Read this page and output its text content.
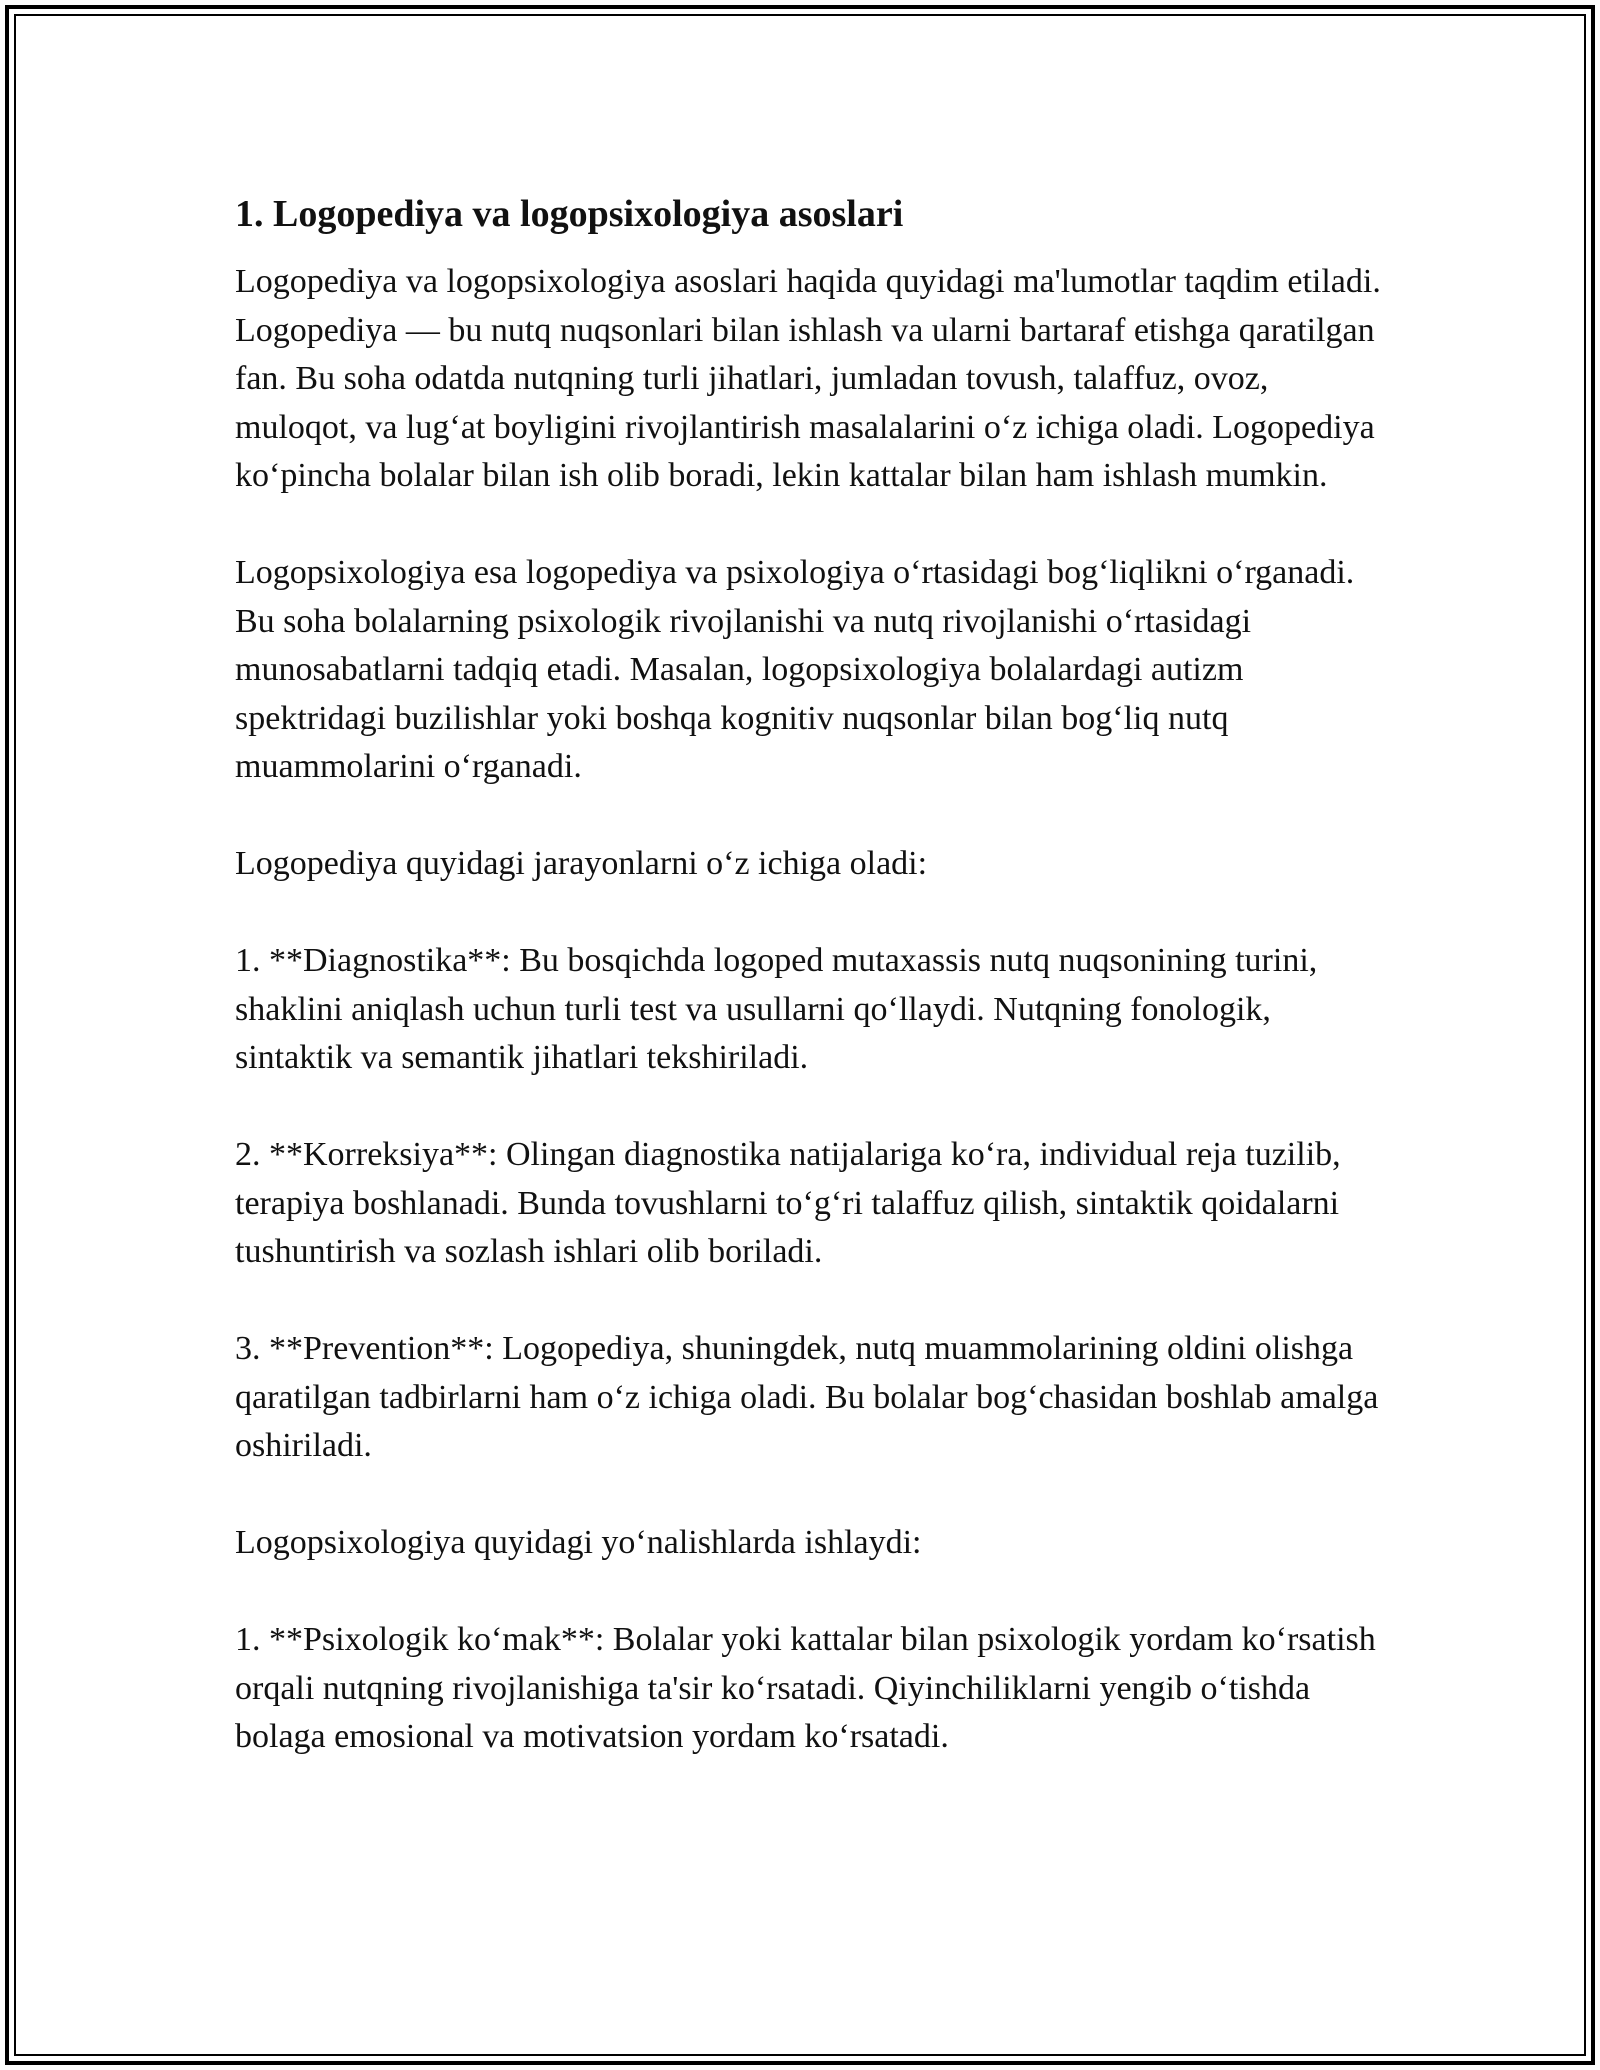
1. Logopediya va logopsixologiya asoslari

Logopediya va logopsixologiya asoslari haqida quyidagi ma'lumotlar taqdim etiladi. Logopediya — bu nutq nuqsonlari bilan ishlash va ularni bartaraf etishga qaratilgan fan. Bu soha odatda nutqning turli jihatlari, jumladan tovush, talaffuz, ovoz, muloqot, va lug‘at boyligini rivojlantirish masalalarini o‘z ichiga oladi. Logopediya ko‘pincha bolalar bilan ish olib boradi, lekin kattalar bilan ham ishlash mumkin.

Logopsixologiya esa logopediya va psixologiya o‘rtasidagi bog‘liqlikni o‘rganadi. Bu soha bolalarning psixologik rivojlanishi va nutq rivojlanishi o‘rtasidagi munosabatlarni tadqiq etadi. Masalan, logopsixologiya bolalardagi autizm spektridagi buzilishlar yoki boshqa kognitiv nuqsonlar bilan bog‘liq nutq muammolarini o‘rganadi.

Logopediya quyidagi jarayonlarni o‘z ichiga oladi:

1. **Diagnostika**: Bu bosqichda logoped mutaxassis nutq nuqsonining turini, shaklini aniqlash uchun turli test va usullarni qo‘llaydi. Nutqning fonologik, sintaktik va semantik jihatlari tekshiriladi.

2. **Korreksiya**: Olingan diagnostika natijalariga ko‘ra, individual reja tuzilib, terapiya boshlanadi. Bunda tovushlarni to‘g‘ri talaffuz qilish, sintaktik qoidalarni tushuntirish va sozlash ishlari olib boriladi.

3. **Prevention**: Logopediya, shuningdek, nutq muammolarining oldini olishga qaratilgan tadbirlarni ham o‘z ichiga oladi. Bu bolalar bog‘chasidan boshlab amalga oshiriladi.

Logopsixologiya quyidagi yo‘nalishlarda ishlaydi:

1. **Psixologik ko‘mak**: Bolalar yoki kattalar bilan psixologik yordam ko‘rsatish orqali nutqning rivojlanishiga ta'sir ko‘rsatadi. Qiyinchiliklarni yengib o‘tishda bolaga emosional va motivatsion yordam ko‘rsatadi.
